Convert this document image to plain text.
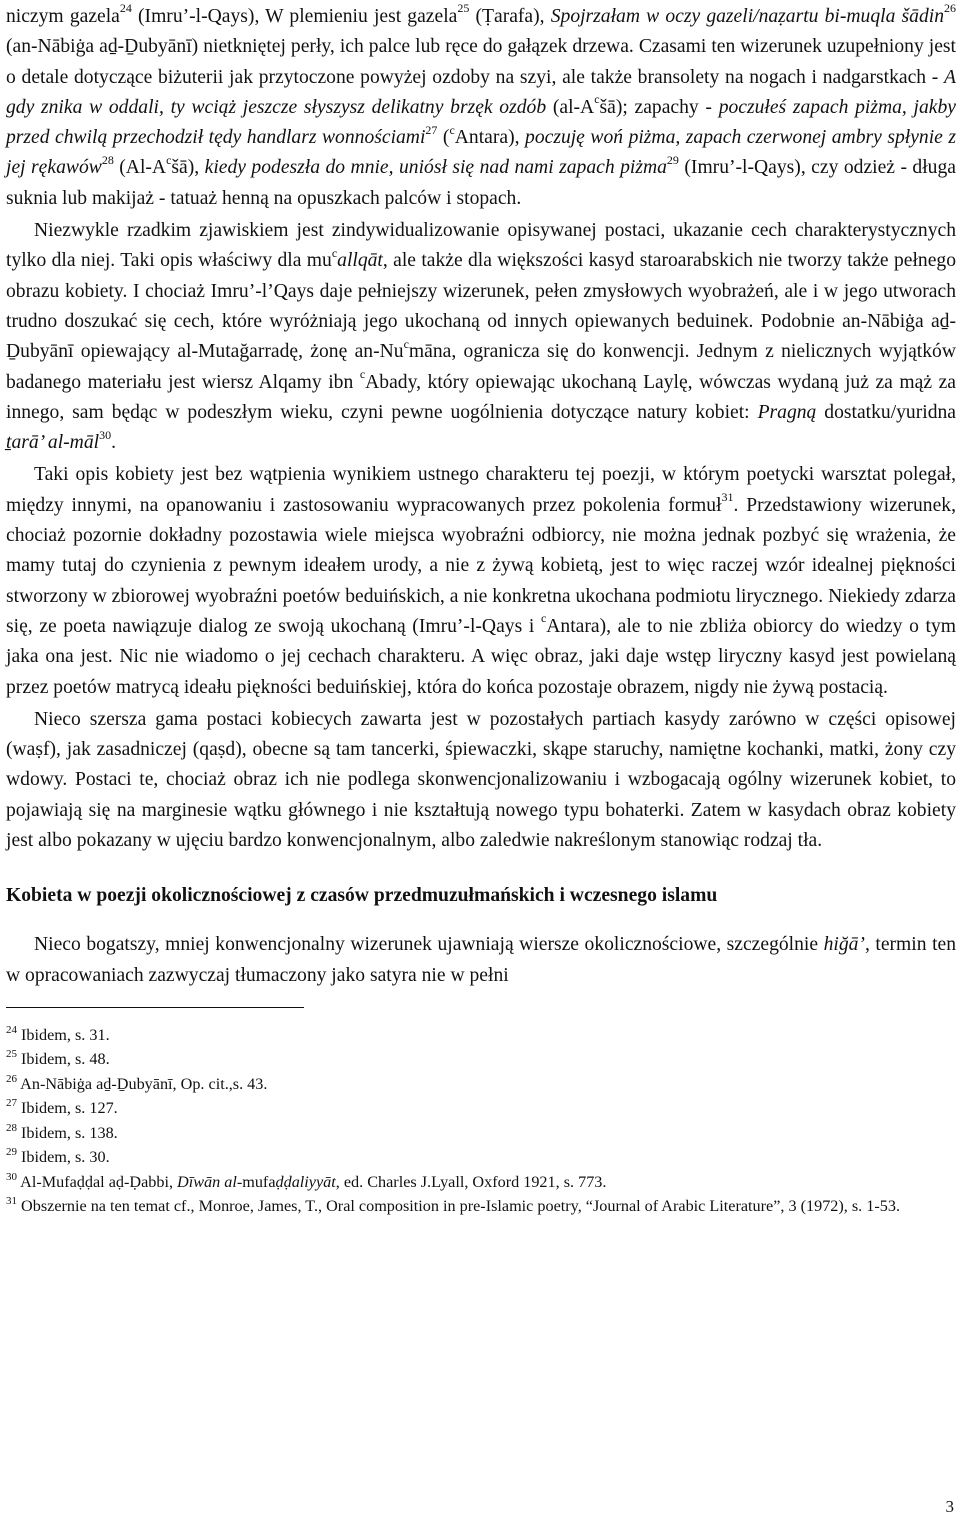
niczym gazela$^{24}$ (Imru’-l-Qays), W plemieniu jest gazela$^{25}$ (Ṭarafa), Spojrzałam w oczy gazeli/naẓartu bi-muqla šādin$^{26}$ (an-Nābiġa aḏ-Ḏubyānī) nietkniętej perły, ich palce lub ręce do gałązek drzewa. Czasami ten wizerunek uzupełniony jest o detale dotyczące biżuterii jak przytoczone powyżej ozdoby na szyi, ale także bransolety na nogach i nadgarstkach - A gdy znika w oddali, ty wciąż jeszcze słyszysz delikatny brzęk ozdób $(al-A^cšā)$; zapachy - poczułeś zapach piżma, jakby przed chwilą przechodził tędy handlarz wonnościami$^{27}$ ($^c$Antara), poczuję woń piżma, zapach czerwonej ambry spłynie z jej rękawów$^{28}$ $(Al-A^cšā)$, kiedy podeszła do mnie, uniósł się nad nami zapach piżma$^{29}$ (Imru’-l-Qays), czy odzież - długa suknia lub makijaż - tatuaż henną na opuszkach palców i stopach.

Niezwykle rzadkim zjawiskiem jest zindywidualizowanie opisywanej postaci, ukazanie cech charakterystycznych tylko dla niej. Taki opis właściwy dla $mu^callqāt$, ale także dla większości kasyd staroarabskich nie tworzy także pełnego obrazu kobiety. I chociaż Imru’-l’Qays daje pełniejszy wizerunek, pełen zmysłowych wyobrażeń, ale i w jego utworach trudno doszukać się cech, które wyróżniają jego ukochaną od innych opiewanych beduinek. Podobnie an-Nābiġa aḏ-Ḏubyānī opiewający al-Mutağarradę, żonę an-Nu$^c$māna, ogranicza się do konwencji. Jednym z nielicznych wyjątków badanego materiału jest wiersz Alqamy ibn $^c$Abady, który opiewając ukochaną Laylę, wówczas wydaną już za mąż za innego, sam będąc w podeszłym wieku, czyni pewne uogólnienia dotyczące natury kobiet: Pragną dostatku/yuridna ṯarā’ al-māl$^{30}$.

Taki opis kobiety jest bez wątpienia wynikiem ustnego charakteru tej poezji, w którym poetycki warsztat polegał, między innymi, na opanowaniu i zastosowaniu wypracowanych przez pokolenia formuł$^{31}$. Przedstawiony wizerunek, chociaż pozornie dokładny pozostawia wiele miejsca wyobraźni odbiorcy, nie można jednak pozbyć się wrażenia, że mamy tutaj do czynienia z pewnym ideałem urody, a nie z żywą kobietą, jest to więc raczej wzór idealnej piękności stworzony w zbiorowej wyobraźni poetów beduińskich, a nie konkretna ukochana podmiotu lirycznego. Niekiedy zdarza się, ze poeta nawiązuje dialog ze swoją ukochaną (Imru’-l-Qays i $^c$Antara), ale to nie zbliża obiorcy do wiedzy o tym jaka ona jest. Nic nie wiadomo o jej cechach charakteru. A więc obraz, jaki daje wstęp liryczny kasyd jest powielaną przez poetów matrycą ideału piękności beduińskiej, która do końca pozostaje obrazem, nigdy nie żywą postacią.

Nieco szersza gama postaci kobiecych zawarta jest w pozostałych partiach kasydy zarówno w części opisowej (waṣf), jak zasadniczej (qaṣd), obecne są tam tancerki, śpiewaczki, skąpe staruchy, namiętne kochanki, matki, żony czy wdowy. Postaci te, chociaż obraz ich nie podlega skonwencjonalizowaniu i wzbogacają ogólny wizerunek kobiet, to pojawiają się na marginesie wątku głównego i nie kształtują nowego typu bohaterki. Zatem w kasydach obraz kobiety jest albo pokazany w ujęciu bardzo konwencjonalnym, albo zaledwie nakreślonym stanowiąc rodzaj tła.

Kobieta w poezji okolicznościowej z czasów przedmuzułmańskich i wczesnego islamu

Nieco bogatszy, mniej konwencjonalny wizerunek ujawniają wiersze okolicznościowe, szczególnie hiğā’, termin ten w opracowaniach zazwyczaj tłumaczony jako satyra nie w pełni

$^{24}$ Ibidem, s. 31.

$^{25}$ Ibidem, s. 48.

$^{26}$ An-Nābiġa aḏ-Ḏubyānī, Op. cit.,s. 43.

$^{27}$ Ibidem, s. 127.

$^{28}$ Ibidem, s. 138.

$^{29}$ Ibidem, s. 30.

$^{30}$ Al-Mufaḍḍal aḍ-Ḍabbi, Dīwān al-mufaḍḍaliyyāt, ed. Charles J.Lyall, Oxford 1921, s. 773.

$^{31}$ Obszernie na ten temat cf., Monroe, James, T., Oral composition in pre-Islamic poetry, “Journal of Arabic Literature”, 3 (1972), s. 1-53.

3
